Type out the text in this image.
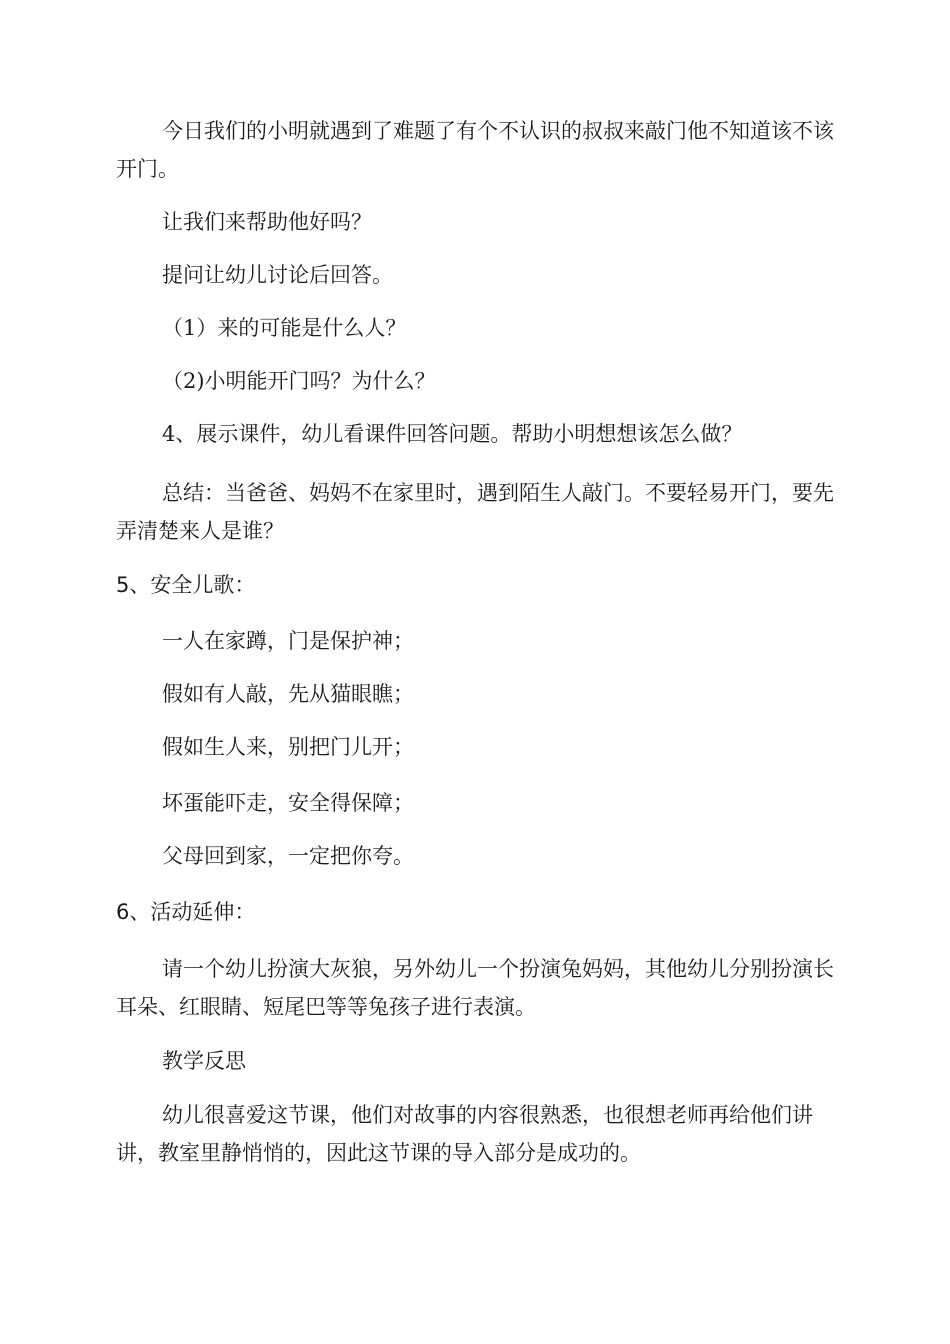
今日我们的小明就遇到了难题了有个不认识的叔叔来敲门他不知道该不该开门。

让我们来帮助他好吗？

提问让幼儿讨论后回答。

（1）来的可能是什么人？

（2)小明能开门吗？为什么？

4、展示课件，幼儿看课件回答问题。帮助小明想想该怎么做？

总结：当爸爸、妈妈不在家里时，遇到陌生人敲门。不要轻易开门，要先弄清楚来人是谁？

5、安全儿歌：

一人在家蹲，门是保护神；

假如有人敲，先从猫眼瞧；

假如生人来，别把门儿开；

坏蛋能吓走，安全得保障；

父母回到家，一定把你夸。

6、活动延伸：

请一个幼儿扮演大灰狼，另外幼儿一个扮演兔妈妈，其他幼儿分别扮演长耳朵、红眼睛、短尾巴等等兔孩子进行表演。

教学反思

幼儿很喜爱这节课，他们对故事的内容很熟悉，也很想老师再给他们讲讲，教室里静悄悄的，因此这节课的导入部分是成功的。
